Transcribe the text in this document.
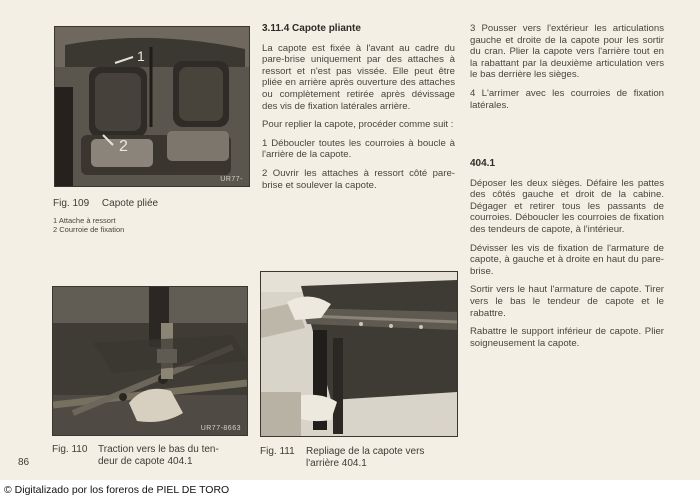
1
2
UR77-
Fig. 109 Capote pliée
1 Attache à ressort
2 Courroie de fixation
UR77-8663
Fig. 110 Traction vers le bas du ten-
deur de capote 404.1
UR77-8664
Fig. 111 Repliage de la capote vers
l'arrière 404.1
3.11.4 Capote pliante

La capote est fixée à l'avant au cadre du pare-brise uniquement par des attaches à ressort et n'est pas vissée. Elle peut être pliée en arrière après ouverture des attaches ou complètement retirée après dévissage des vis de fixation latérales arrière.

Pour replier la capote, procéder comme suit :

1 Déboucler toutes les courroies à boucle à l'arrière de la capote.

2 Ouvrir les attaches à ressort côté pare-brise et soulever la capote.

3 Pousser vers l'extérieur les articulations gauche et droite de la capote pour les sortir du cran. Plier la capote vers l'arrière tout en la rabattant par la deuxième articulation vers le bas derrière les sièges.

4 L'arrimer avec les courroies de fixation latérales.

404.1

Déposer les deux sièges. Défaire les pattes des côtés gauche et droit de la cabine. Dégager et retirer tous les passants de courroies. Déboucler les courroies de fixation des tendeurs de capote, à l'intérieur.

Dévisser les vis de fixation de l'armature de capote, à gauche et à droite en haut du pare-brise.

Sortir vers le haut l'armature de capote. Tirer vers le bas le tendeur de capote et le rabattre.

Rabattre le support inférieur de capote. Plier soigneusement la capote.

86
© Digitalizado por los foreros de PIEL DE TORO
